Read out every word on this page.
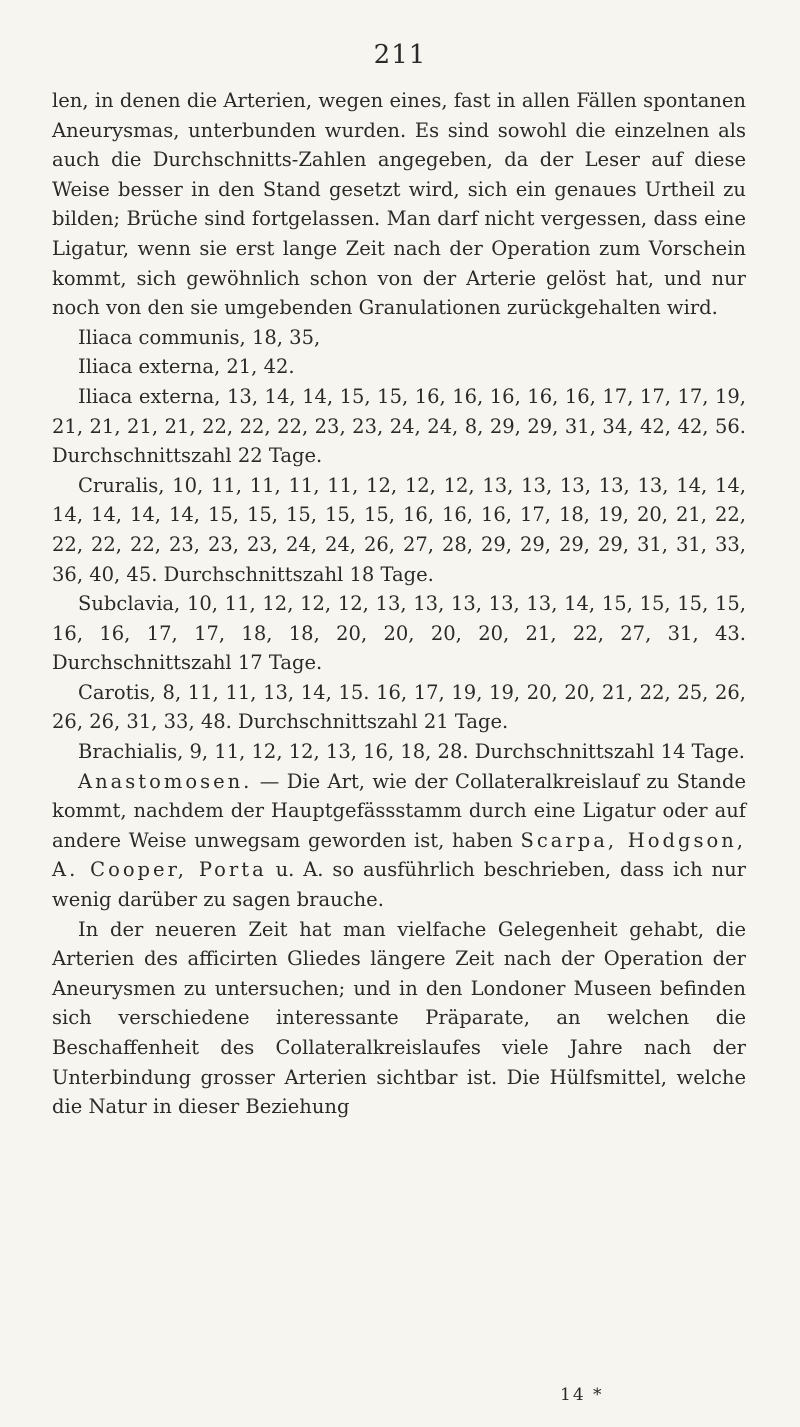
211

len, in denen die Arterien, wegen eines, fast in allen Fällen spontanen Aneurysmas, unterbunden wurden. Es sind sowohl die einzelnen als auch die Durchschnitts-Zahlen angegeben, da der Leser auf diese Weise besser in den Stand gesetzt wird, sich ein genaues Urtheil zu bilden; Brüche sind fortgelassen. Man darf nicht vergessen, dass eine Ligatur, wenn sie erst lange Zeit nach der Operation zum Vorschein kommt, sich gewöhnlich schon von der Arterie gelöst hat, und nur noch von den sie umgebenden Granulationen zurückgehalten wird.

Iliaca communis, 18, 35,

Iliaca externa, 21, 42.

Iliaca externa, 13, 14, 14, 15, 15, 16, 16, 16, 16, 16, 17, 17, 17, 19, 21, 21, 21, 21, 22, 22, 22, 23, 23, 24, 24, 8, 29, 29, 31, 34, 42, 42, 56. Durchschnittszahl 22 Tage.

Cruralis, 10, 11, 11, 11, 11, 12, 12, 12, 13, 13, 13, 13, 13, 14, 14, 14, 14, 14, 14, 15, 15, 15, 15, 15, 16, 16, 16, 17, 18, 19, 20, 21, 22, 22, 22, 22, 23, 23, 23, 24, 24, 26, 27, 28, 29, 29, 29, 29, 31, 31, 33, 36, 40, 45. Durchschnittszahl 18 Tage.

Subclavia, 10, 11, 12, 12, 12, 13, 13, 13, 13, 13, 14, 15, 15, 15, 15, 16, 16, 17, 17, 18, 18, 20, 20, 20, 20, 21, 22, 27, 31, 43. Durchschnittszahl 17 Tage.

Carotis, 8, 11, 11, 13, 14, 15. 16, 17, 19, 19, 20, 20, 21, 22, 25, 26, 26, 26, 31, 33, 48. Durchschnittszahl 21 Tage.

Brachialis, 9, 11, 12, 12, 13, 16, 18, 28. Durchschnittszahl 14 Tage.

Anastomosen. — Die Art, wie der Collateralkreislauf zu Stande kommt, nachdem der Hauptgefässstamm durch eine Ligatur oder auf andere Weise unwegsam geworden ist, haben Scarpa, Hodgson, A. Cooper, Porta u. A. so ausführlich beschrieben, dass ich nur wenig darüber zu sagen brauche.

In der neueren Zeit hat man vielfache Gelegenheit gehabt, die Arterien des afficirten Gliedes längere Zeit nach der Operation der Aneurysmen zu untersuchen; und in den Londoner Museen befinden sich verschiedene interessante Präparate, an welchen die Beschaffenheit des Collateralkreislaufes viele Jahre nach der Unterbindung grosser Arterien sichtbar ist. Die Hülfsmittel, welche die Natur in dieser Beziehung

14 *
